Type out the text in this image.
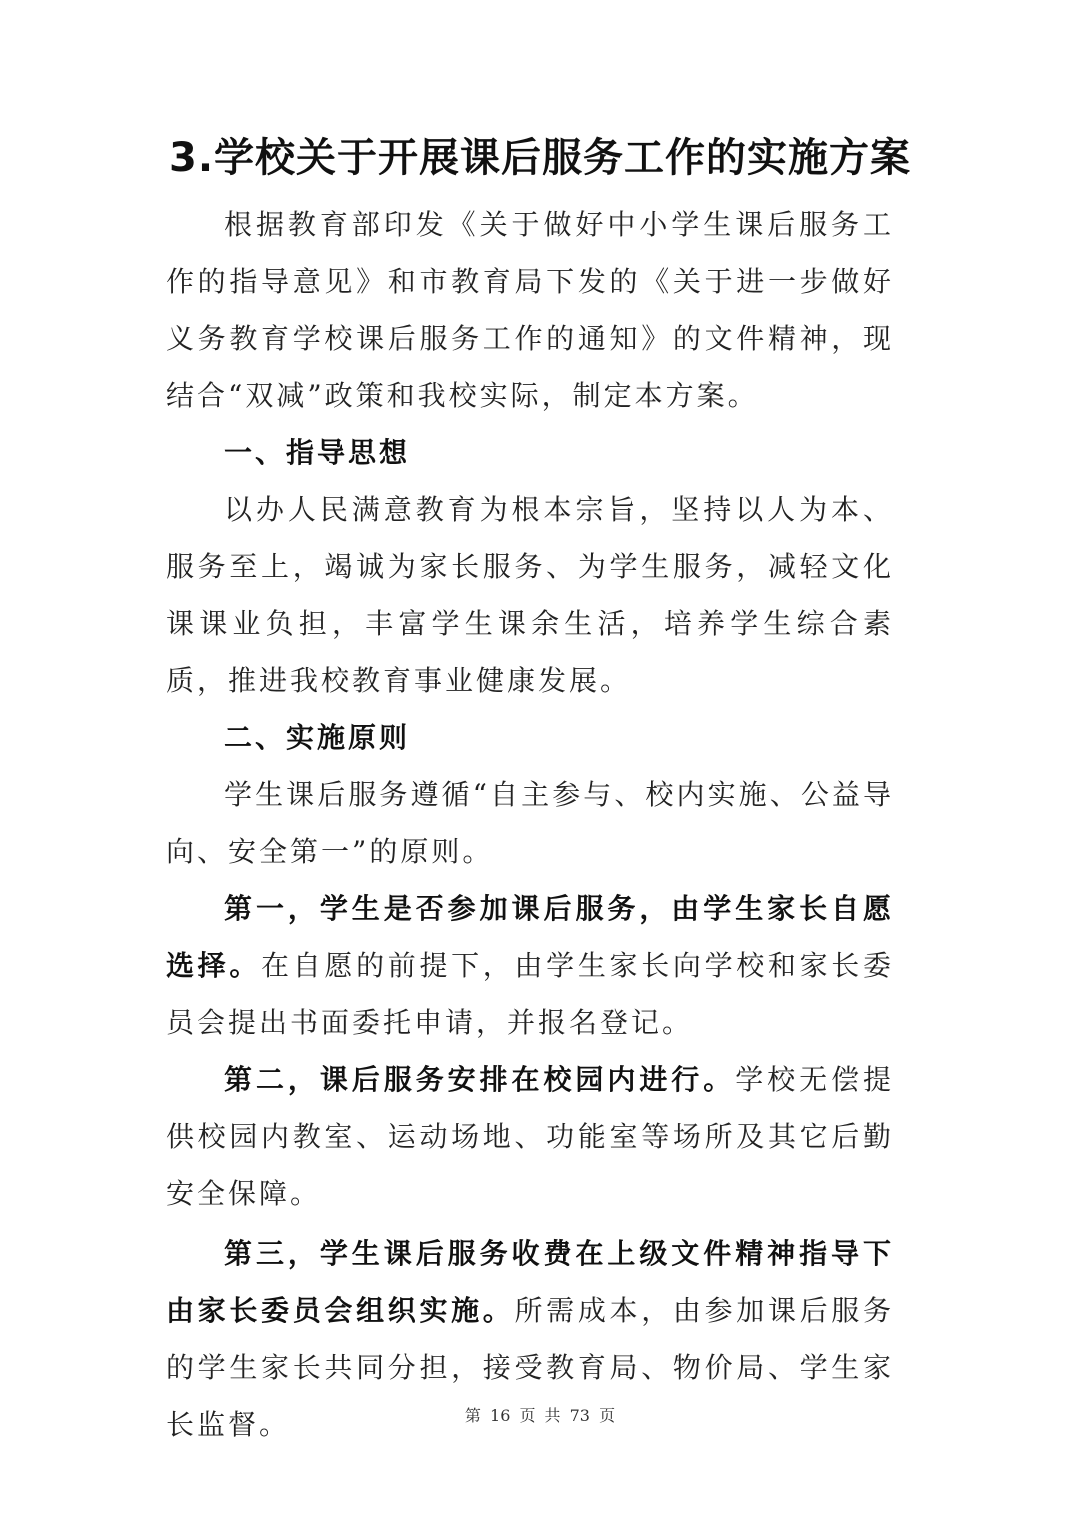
3.学校关于开展课后服务工作的实施方案

根据教育部印发《关于做好中小学生课后服务工作的指导意见》和市教育局下发的《关于进一步做好义务教育学校课后服务工作的通知》的文件精神，现结合“双减”政策和我校实际，制定本方案。

一、指导思想

以办人民满意教育为根本宗旨，坚持以人为本、服务至上，竭诚为家长服务、为学生服务，减轻文化课课业负担，丰富学生课余生活，培养学生综合素质，推进我校教育事业健康发展。

二、实施原则

学生课后服务遵循“自主参与、校内实施、公益导向、安全第一”的原则。

第一，学生是否参加课后服务，由学生家长自愿选择。在自愿的前提下，由学生家长向学校和家长委员会提出书面委托申请，并报名登记。

第二，课后服务安排在校园内进行。学校无偿提供校园内教室、运动场地、功能室等场所及其它后勤安全保障。

第三，学生课后服务收费在上级文件精神指导下由家长委员会组织实施。所需成本，由参加课后服务的学生家长共同分担，接受教育局、物价局、学生家长监督。	第 16 页 共 73 页
